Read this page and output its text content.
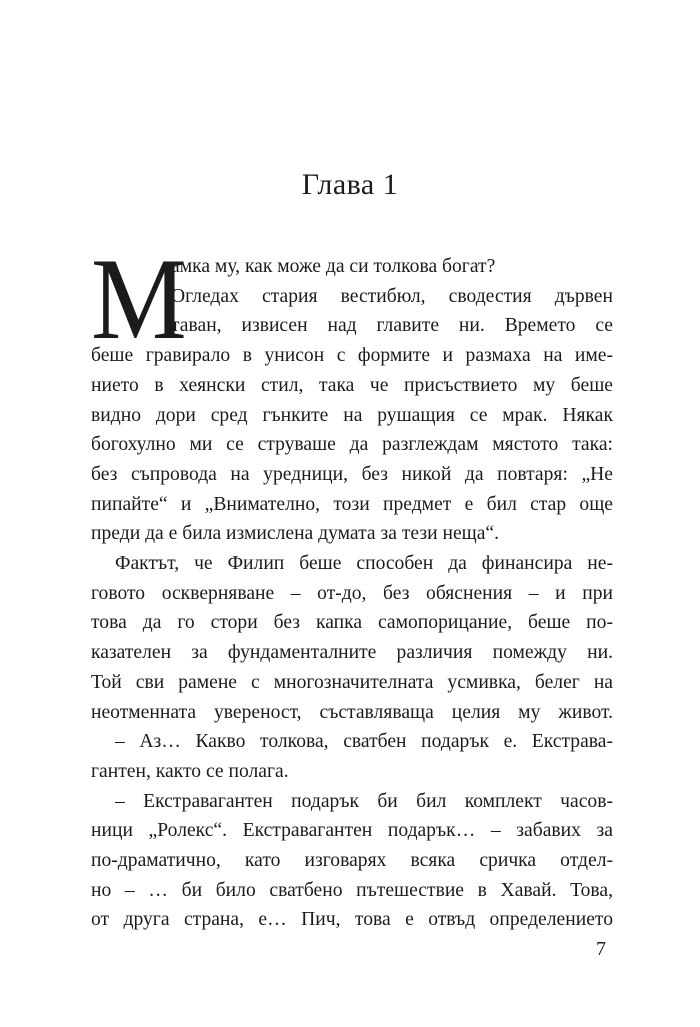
Глава 1
М

амка му, как може да си толкова богат?

Огледах стария вестибюл, сводестия дървен

таван, извисен над главите ни. Времето се

беше гравирало в унисон с формите и размаха на име-

нието в хеянски стил, така че присъствието му беше

видно дори сред гънките на рушащия се мрак. Някак

богохулно ми се струваше да разглеждам мястото така:

без съпровода на уредници, без никой да повтаря: „Не

пипайте“ и „Внимателно, този предмет е бил стар още

преди да е била измислена думата за тези неща“.

Фактът, че Филип беше способен да финансира не-

говото оскверняване – от-до, без обяснения – и при

това да го стори без капка самопорицание, беше по-

казателен за фундаменталните различия помежду ни.

Той сви рамене с многозначителната усмивка, белег на

неотменната увереност, съставляваща целия му живот.

– Аз… Какво толкова, сватбен подарък е. Екстрава-

гантен, както се полага.

– Екстравагантен подарък би бил комплект часов-

ници „Ролекс“. Екстравагантен подарък… – забавих за

по-драматично, като изговарях всяка сричка отдел-

но – … би било сватбено пътешествие в Хавай. Това,

от друга страна, е… Пич, това е отвъд определението

7
